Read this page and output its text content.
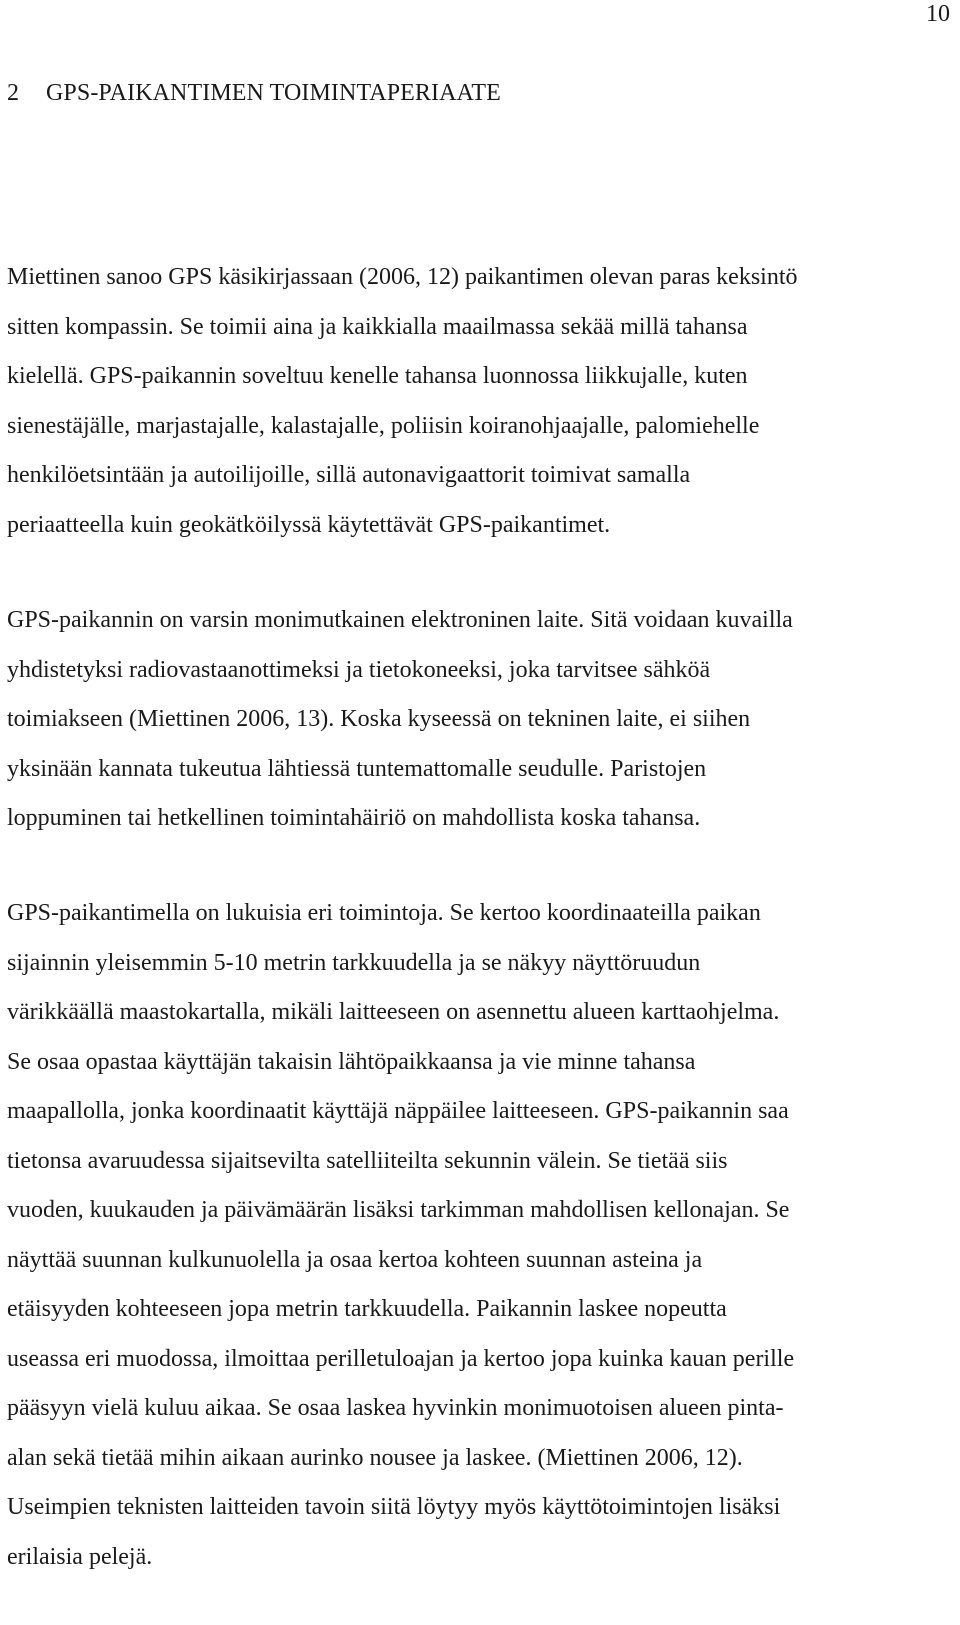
10
2 GPS-PAIKANTIMEN TOIMINTAPERIAATE
Miettinen sanoo GPS käsikirjassaan (2006, 12) paikantimen olevan paras keksintö
sitten kompassin. Se toimii aina ja kaikkialla maailmassa sekää millä tahansa
kielellä. GPS-paikannin soveltuu kenelle tahansa luonnossa liikkujalle, kuten
sienestäjälle, marjastajalle, kalastajalle, poliisin koiranohjaajalle, palomiehelle
henkilöetsintään ja autoilijoille, sillä autonavigaattorit toimivat samalla
periaatteella kuin geokätköilyssä käytettävät GPS-paikantimet.
GPS-paikannin on varsin monimutkainen elektroninen laite. Sitä voidaan kuvailla
yhdistetyksi radiovastaanottimeksi ja tietokoneeksi, joka tarvitsee sähköä
toimiakseen (Miettinen 2006, 13). Koska kyseessä on tekninen laite, ei siihen
yksinään kannata tukeutua lähtiessä tuntemattomalle seudulle. Paristojen
loppuminen tai hetkellinen toimintahäiriö on mahdollista koska tahansa.
GPS-paikantimella on lukuisia eri toimintoja. Se kertoo koordinaateilla paikan
sijainnin yleisemmin 5-10 metrin tarkkuudella ja se näkyy näyttöruudun
värikkäällä maastokartalla, mikäli laitteeseen on asennettu alueen karttaohjelma.
Se osaa opastaa käyttäjän takaisin lähtöpaikkaansa ja vie minne tahansa
maapallolla, jonka koordinaatit käyttäjä näppäilee laitteeseen. GPS-paikannin saa
tietonsa avaruudessa sijaitsevilta satelliiteilta sekunnin välein. Se tietää siis
vuoden, kuukauden ja päivämäärän lisäksi tarkimman mahdollisen kellonajan. Se
näyttää suunnan kulkunuolella ja osaa kertoa kohteen suunnan asteina ja
etäisyyden kohteeseen jopa metrin tarkkuudella. Paikannin laskee nopeutta
useassa eri muodossa, ilmoittaa perilletuloajan ja kertoo jopa kuinka kauan perille
pääsyyn vielä kuluu aikaa. Se osaa laskea hyvinkin monimuotoisen alueen pinta-
alan sekä tietää mihin aikaan aurinko nousee ja laskee. (Miettinen 2006, 12).
Useimpien teknisten laitteiden tavoin siitä löytyy myös käyttötoimintojen lisäksi
erilaisia pelejä.
